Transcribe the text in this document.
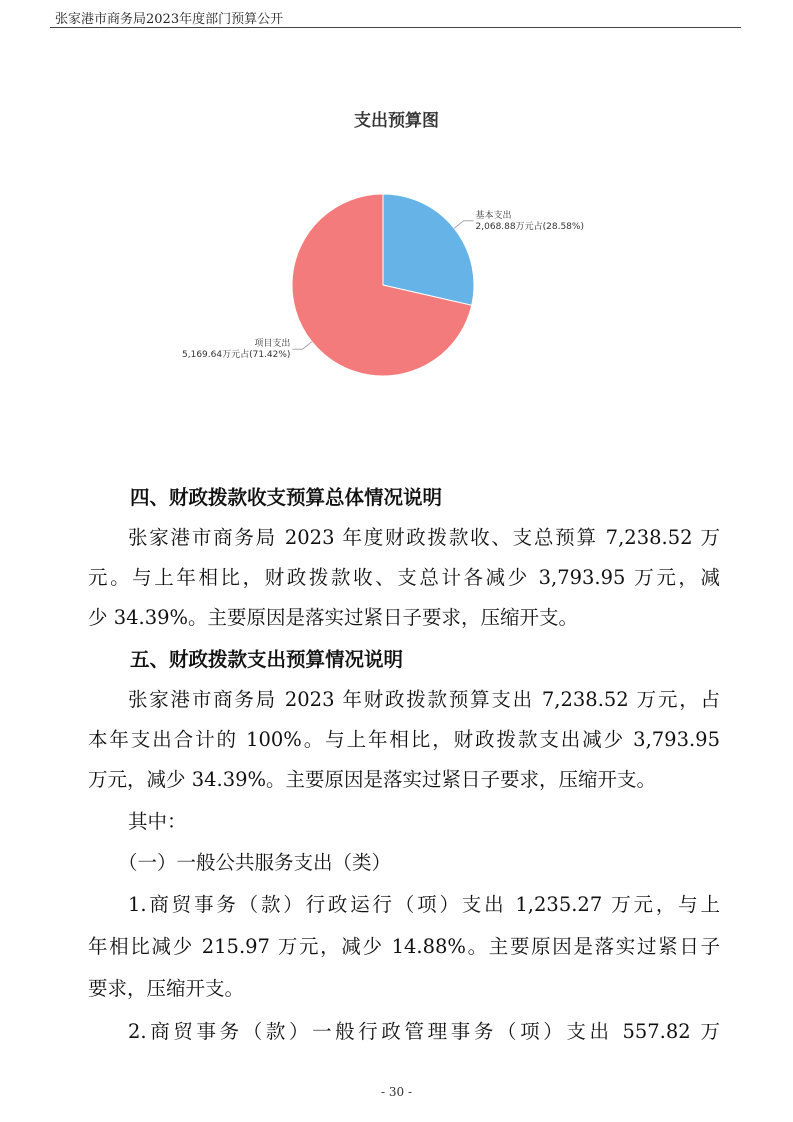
张家港市商务局2023年度部门预算公开
支出预算图
基本支出
2,068.88万元占(28.58%)
项目支出
5,169.64万元占(71.42%)
四、财政拨款收支预算总体情况说明
张家港市商务局 2023 年度财政拨款收、支总预算 7,238.52 万
元。与上年相比，财政拨款收、支总计各减少 3,793.95 万元，减
少 34.39%。主要原因是落实过紧日子要求，压缩开支。
五、财政拨款支出预算情况说明
张家港市商务局 2023 年财政拨款预算支出 7,238.52 万元，占
本年支出合计的 100%。与上年相比，财政拨款支出减少 3,793.95
万元，减少 34.39%。主要原因是落实过紧日子要求，压缩开支。
其中：
（一）一般公共服务支出（类）
1.商贸事务（款）行政运行（项）支出 1,235.27 万元，与上
年相比减少 215.97 万元，减少 14.88%。主要原因是落实过紧日子
要求，压缩开支。
2.商贸事务（款）一般行政管理事务（项）支出 557.82 万
- 30 -
